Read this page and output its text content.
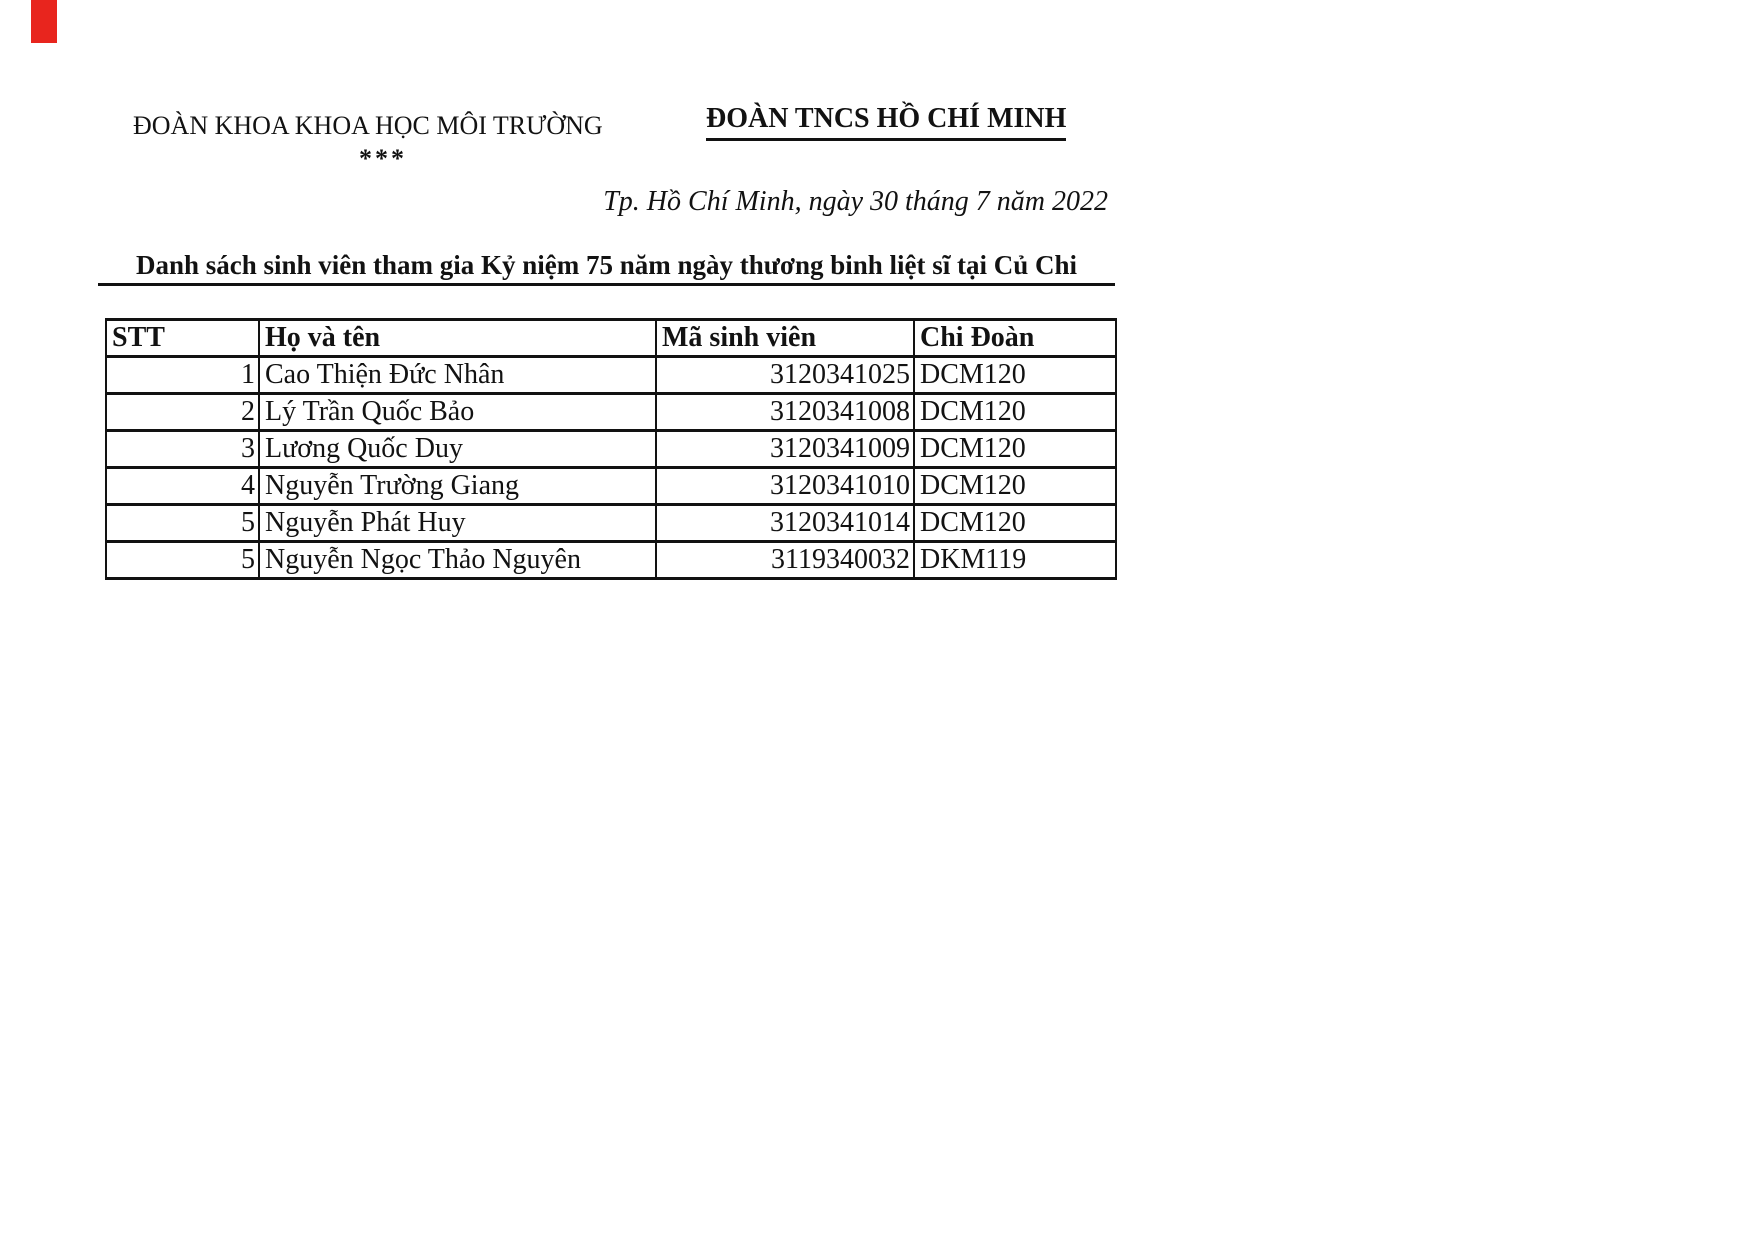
ĐOÀN KHOA KHOA HỌC MÔI TRƯỜNG
***
ĐOÀN TNCS HỒ CHÍ MINH
Tp. Hồ Chí Minh, ngày 30 tháng 7 năm 2022
Danh sách sinh viên tham gia Kỷ niệm 75 năm ngày thương binh liệt sĩ tại Củ Chi
STT	Họ và tên	Mã sinh viên	Chi Đoàn
1	Cao Thiện Đức Nhân	3120341025	DCM120
2	Lý Trần Quốc Bảo	3120341008	DCM120
3	Lương Quốc Duy	3120341009	DCM120
4	Nguyễn Trường Giang	3120341010	DCM120
5	Nguyễn Phát Huy	3120341014	DCM120
5	Nguyễn Ngọc Thảo Nguyên	3119340032	DKM119
